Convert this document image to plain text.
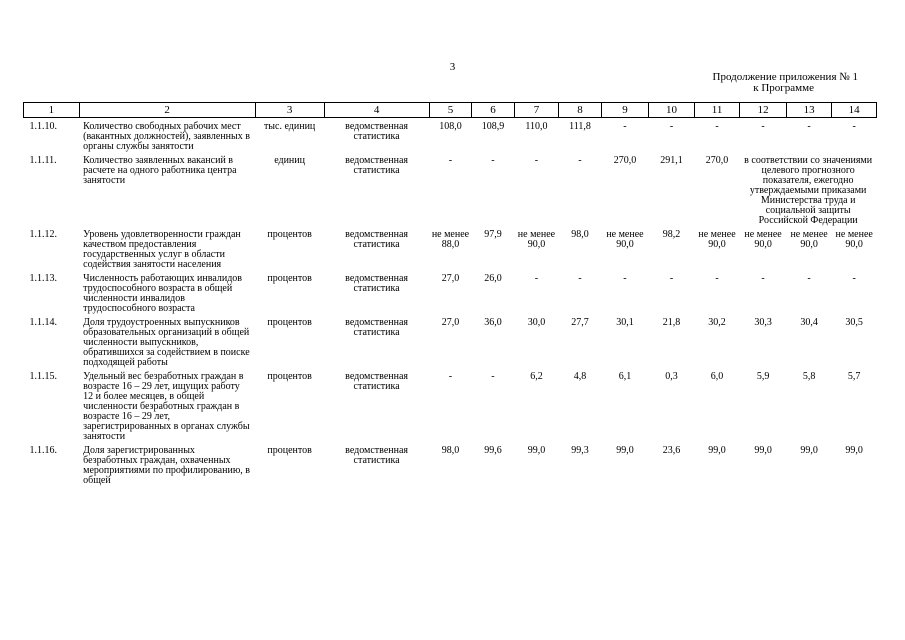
3
Продолжение приложения № 1
к Программе
1	2	3	4	5	6	7	8	9	10	11	12	13	14
1.1.10.	Количество свободных рабочих мест (вакантных должностей), заявленных в органы службы занятости	тыс. единиц	ведомственная статистика	108,0	108,9	110,0	111,8	-	-	-	-	-	-
1.1.11.	Количество заявленных вакансий в расчете на одного работника центра занятости	единиц	ведомственная статистика	-	-	-	-	270,0	291,1	270,0	в соответствии со значениями целевого прогнозного показателя, ежегодно утверждаемыми приказами Министерства труда и социальной защиты Российской Федерации		
1.1.12.	Уровень удовлетворенности граждан качеством предоставления государственных услуг в области содействия занятости населения	процентов	ведомственная статистика	не менее 88,0	97,9	не менее 90,0	98,0	не менее 90,0	98,2	не менее 90,0	не менее 90,0	не менее 90,0	не менее 90,0
1.1.13.	Численность работающих инвалидов трудоспособного возраста в общей численности инвалидов трудоспособного возраста	процентов	ведомственная статистика	27,0	26,0	-	-	-	-	-	-	-	-
1.1.14.	Доля трудоустроенных выпускников образовательных организаций в общей численности выпускников, обратившихся за содействием в поиске подходящей работы	процентов	ведомственная статистика	27,0	36,0	30,0	27,7	30,1	21,8	30,2	30,3	30,4	30,5
1.1.15.	Удельный вес безработных граждан в возрасте 16 – 29 лет, ищущих работу 12 и более месяцев, в общей численности безработных граждан в возрасте 16 – 29 лет, зарегистрированных в органах службы занятости	процентов	ведомственная статистика	-	-	6,2	4,8	6,1	0,3	6,0	5,9	5,8	5,7
1.1.16.	Доля зарегистрированных безработных граждан, охваченных мероприятиями по профилированию, в общей	процентов	ведомственная статистика	98,0	99,6	99,0	99,3	99,0	23,6	99,0	99,0	99,0	99,0
